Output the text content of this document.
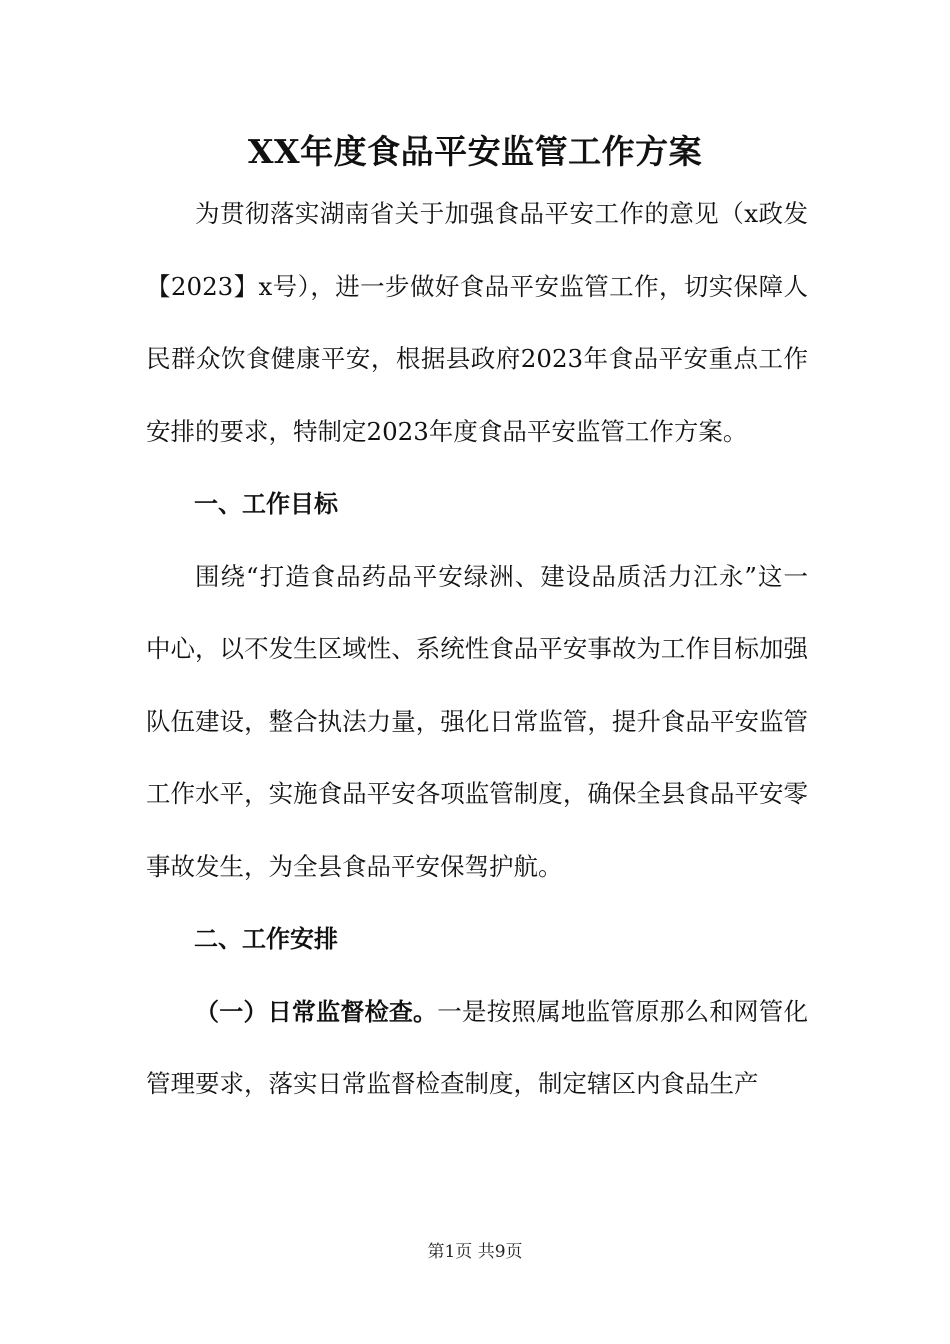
XX年度食品平安监管工作方案

为贯彻落实湖南省关于加强食品平安工作的意见（x政发【2023】x号），进一步做好食品平安监管工作，切实保障人民群众饮食健康平安，根据县政府2023年食品平安重点工作安排的要求，特制定2023年度食品平安监管工作方案。

一、工作目标

围绕“打造食品药品平安绿洲、建设品质活力江永”这一中心，以不发生区域性、系统性食品平安事故为工作目标加强队伍建设，整合执法力量，强化日常监管，提升食品平安监管工作水平，实施食品平安各项监管制度，确保全县食品平安零事故发生，为全县食品平安保驾护航。

二、工作安排

（一）日常监督检查。一是按照属地监管原那么和网管化管理要求，落实日常监督检查制度，制定辖区内食品生产

第1页 共9页
